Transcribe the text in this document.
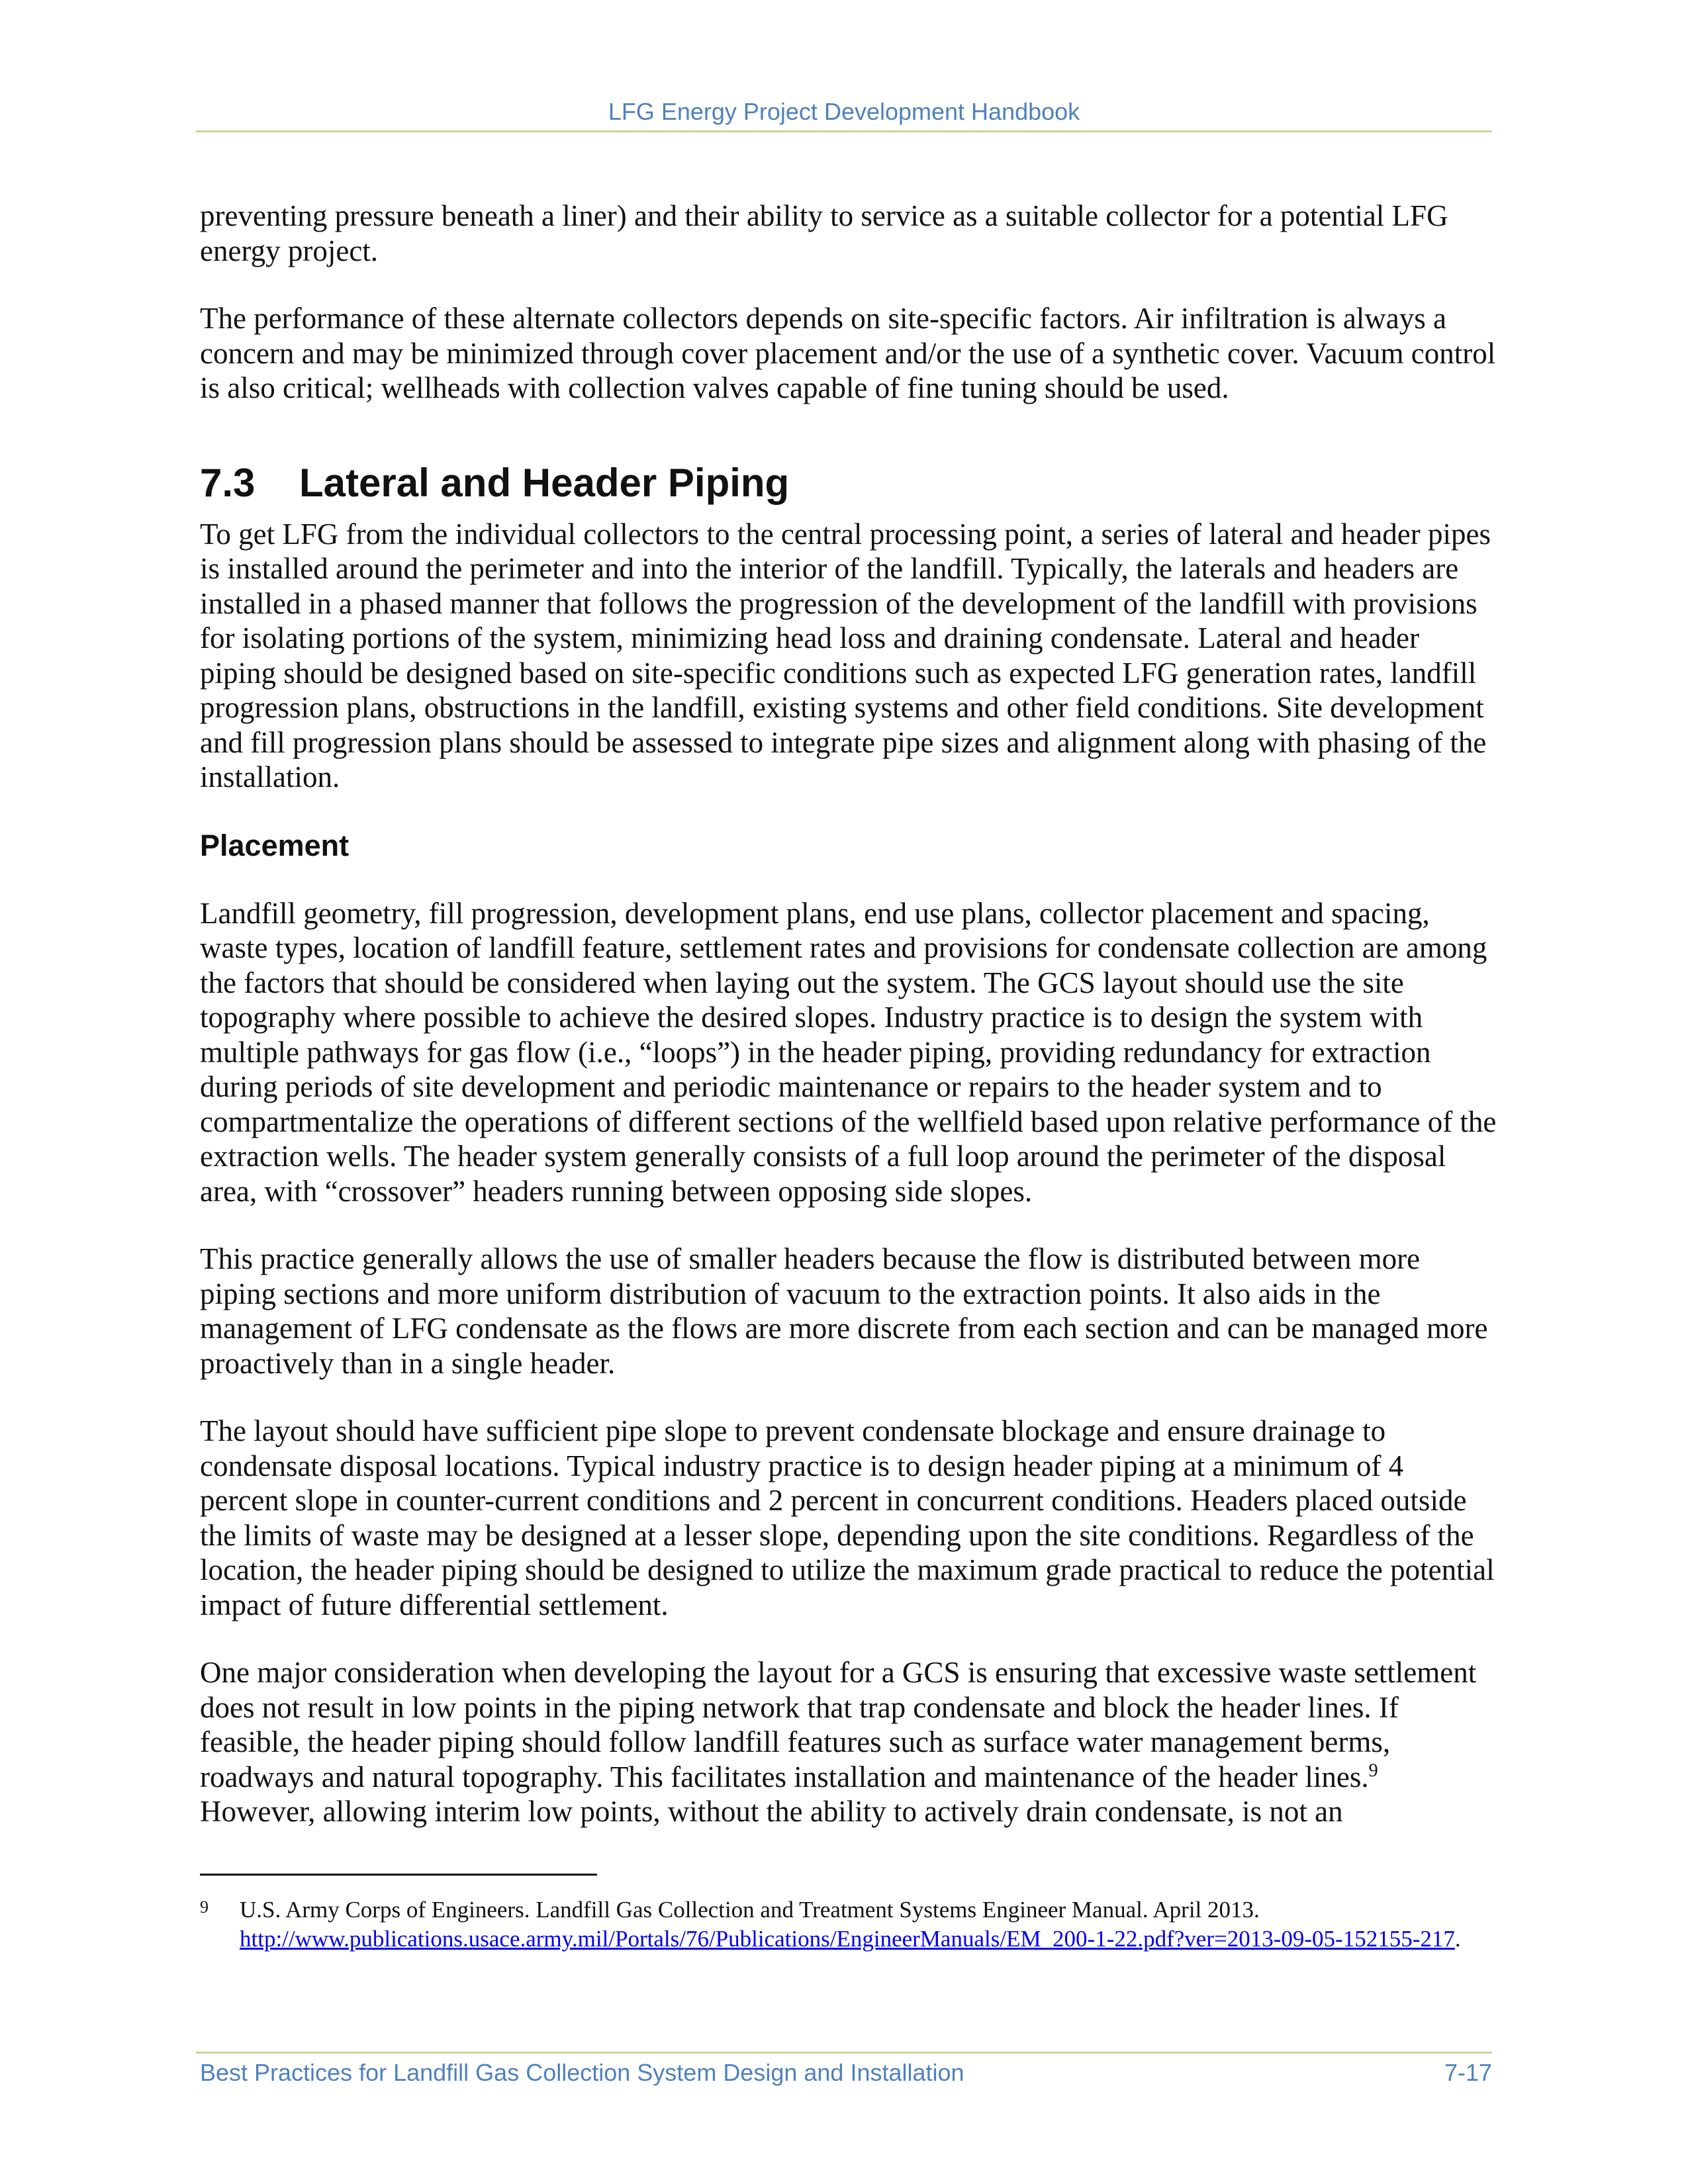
LFG Energy Project Development Handbook

preventing pressure beneath a liner) and their ability to service as a suitable collector for a potential LFG energy project.

The performance of these alternate collectors depends on site-specific factors. Air infiltration is always a concern and may be minimized through cover placement and/or the use of a synthetic cover. Vacuum control is also critical; wellheads with collection valves capable of fine tuning should be used.

7.3 Lateral and Header Piping

To get LFG from the individual collectors to the central processing point, a series of lateral and header pipes is installed around the perimeter and into the interior of the landfill. Typically, the laterals and headers are installed in a phased manner that follows the progression of the development of the landfill with provisions for isolating portions of the system, minimizing head loss and draining condensate. Lateral and header piping should be designed based on site-specific conditions such as expected LFG generation rates, landfill progression plans, obstructions in the landfill, existing systems and other field conditions. Site development and fill progression plans should be assessed to integrate pipe sizes and alignment along with phasing of the installation.

Placement

Landfill geometry, fill progression, development plans, end use plans, collector placement and spacing, waste types, location of landfill feature, settlement rates and provisions for condensate collection are among the factors that should be considered when laying out the system. The GCS layout should use the site topography where possible to achieve the desired slopes. Industry practice is to design the system with multiple pathways for gas flow (i.e., “loops”) in the header piping, providing redundancy for extraction during periods of site development and periodic maintenance or repairs to the header system and to compartmentalize the operations of different sections of the wellfield based upon relative performance of the extraction wells. The header system generally consists of a full loop around the perimeter of the disposal area, with “crossover” headers running between opposing side slopes.

This practice generally allows the use of smaller headers because the flow is distributed between more piping sections and more uniform distribution of vacuum to the extraction points. It also aids in the management of LFG condensate as the flows are more discrete from each section and can be managed more proactively than in a single header.

The layout should have sufficient pipe slope to prevent condensate blockage and ensure drainage to condensate disposal locations. Typical industry practice is to design header piping at a minimum of 4 percent slope in counter-current conditions and 2 percent in concurrent conditions. Headers placed outside the limits of waste may be designed at a lesser slope, depending upon the site conditions. Regardless of the location, the header piping should be designed to utilize the maximum grade practical to reduce the potential impact of future differential settlement.

One major consideration when developing the layout for a GCS is ensuring that excessive waste settlement does not result in low points in the piping network that trap condensate and block the header lines. If feasible, the header piping should follow landfill features such as surface water management berms, roadways and natural topography. This facilitates installation and maintenance of the header lines.$^9$ However, allowing interim low points, without the ability to actively drain condensate, is not an

9 U.S. Army Corps of Engineers. Landfill Gas Collection and Treatment Systems Engineer Manual. April 2013.
http://www.publications.usace.army.mil/Portals/76/Publications/EngineerManuals/EM_200-1-22.pdf?ver=2013-09-05-152155-217.
Best Practices for Landfill Gas Collection System Design and Installation	7-17
